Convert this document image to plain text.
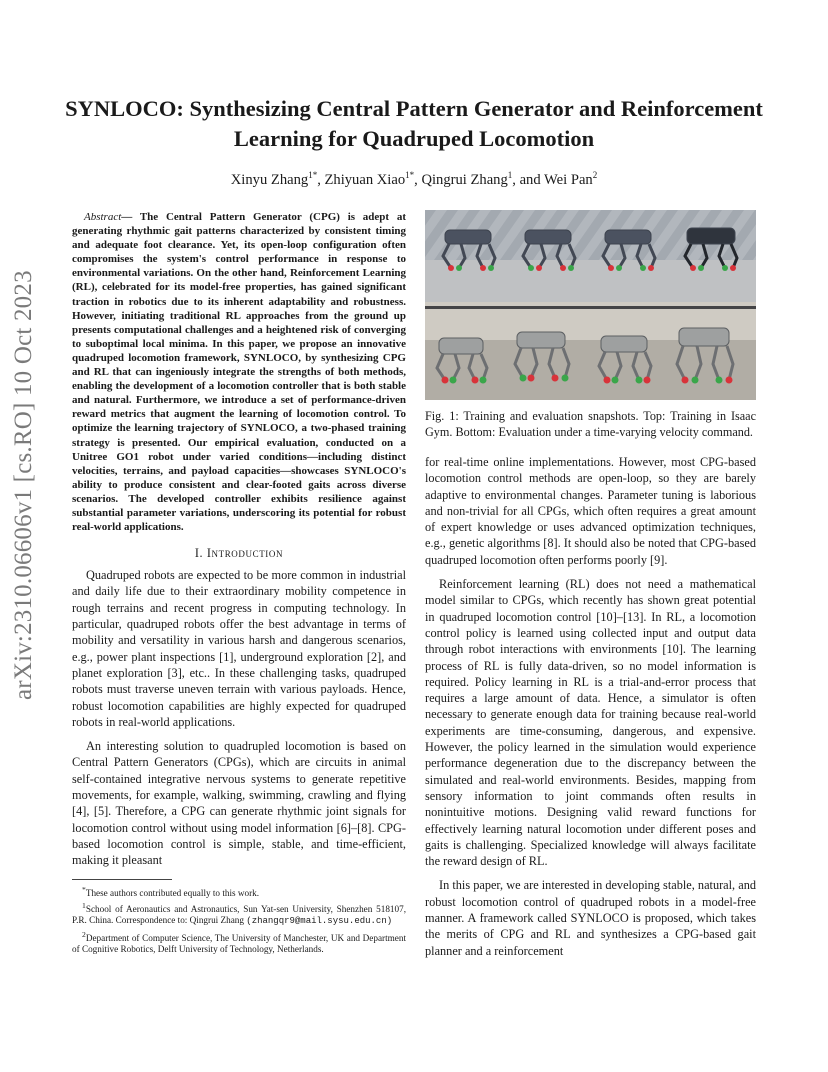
arXiv:2310.06606v1 [cs.RO] 10 Oct 2023
SYNLOCO: Synthesizing Central Pattern Generator and Reinforcement Learning for Quadruped Locomotion
Xinyu Zhang$^{1*}$, Zhiyuan Xiao$^{1*}$, Qingrui Zhang$^1$, and Wei Pan$^2$

Abstract— The Central Pattern Generator (CPG) is adept at generating rhythmic gait patterns characterized by consistent timing and adequate foot clearance. Yet, its open-loop configuration often compromises the system's control performance in response to environmental variations. On the other hand, Reinforcement Learning (RL), celebrated for its model-free properties, has gained significant traction in robotics due to its inherent adaptability and robustness. However, initiating traditional RL approaches from the ground up presents computational challenges and a heightened risk of converging to suboptimal local minima. In this paper, we propose an innovative quadruped locomotion framework, SYNLOCO, by synthesizing CPG and RL that can ingeniously integrate the strengths of both methods, enabling the development of a locomotion controller that is both stable and natural. Furthermore, we introduce a set of performance-driven reward metrics that augment the learning of locomotion control. To optimize the learning trajectory of SYNLOCO, a two-phased training strategy is presented. Our empirical evaluation, conducted on a Unitree GO1 robot under varied conditions—including distinct velocities, terrains, and payload capacities—showcases SYNLOCO's ability to produce consistent and clear-footed gaits across diverse scenarios. The developed controller exhibits resilience against substantial parameter variations, underscoring its potential for robust real-world applications.

I. Introduction

Quadruped robots are expected to be more common in industrial and daily life due to their extraordinary mobility competence in rough terrains and recent progress in computing technology. In particular, quadruped robots offer the best advantage in terms of mobility and versatility in various harsh and dangerous scenarios, e.g., power plant inspections [1], underground exploration [2], and planet exploration [3], etc.. In these challenging tasks, quadruped robots must traverse uneven terrain with various payloads. Hence, robust locomotion capabilities are highly expected for quadruped robots in real-world applications.

An interesting solution to quadrupled locomotion is based on Central Pattern Generators (CPGs), which are circuits in animal self-contained integrative nervous systems to generate repetitive movements, for example, walking, swimming, crawling and flying [4], [5]. Therefore, a CPG can generate rhythmic joint signals for locomotion control without using model information [6]–[8]. CPG-based locomotion control is simple, stable, and time-efficient, making it pleasant

*These authors contributed equally to this work.

$^1$School of Aeronautics and Astronautics, Sun Yat-sen University, Shenzhen 518107, P.R. China. Correspondence to: Qingrui Zhang (zhangqr9@mail.sysu.edu.cn)

$^2$Department of Computer Science, The University of Manchester, UK and Department of Cognitive Robotics, Delft University of Technology, Netherlands.

Fig. 1: Training and evaluation snapshots. Top: Training in Isaac Gym. Bottom: Evaluation under a time-varying velocity command.

for real-time online implementations. However, most CPG-based locomotion control methods are open-loop, so they are barely adaptive to environmental changes. Parameter tuning is laborious and non-trivial for all CPGs, which often requires a great amount of expert knowledge or uses advanced optimization techniques, e.g., genetic algorithms [8]. It should also be noted that CPG-based quadruped locomotion often performs poorly [9].

Reinforcement learning (RL) does not need a mathematical model similar to CPGs, which recently has shown great potential in quadruped locomotion control [10]–[13]. In RL, a locomotion control policy is learned using collected input and output data through robot interactions with environments [10]. The learning process of RL is fully data-driven, so no model information is required. Policy learning in RL is a trial-and-error process that requires a large amount of data. Hence, a simulator is often necessary to generate enough data for training because real-world experiments are time-consuming, dangerous, and expensive. However, the policy learned in the simulation would experience performance degeneration due to the discrepancy between the simulated and real-world environments. Besides, mapping from sensory information to joint commands often results in nonintuitive motions. Designing valid reward functions for effectively learning natural locomotion under different poses and gaits is challenging. Specialized knowledge will always facilitate the reward design of RL.

In this paper, we are interested in developing stable, natural, and robust locomotion control of quadruped robots in a model-free manner. A framework called SYNLOCO is proposed, which takes the merits of CPG and RL and synthesizes a CPG-based gait planner and a reinforcement
